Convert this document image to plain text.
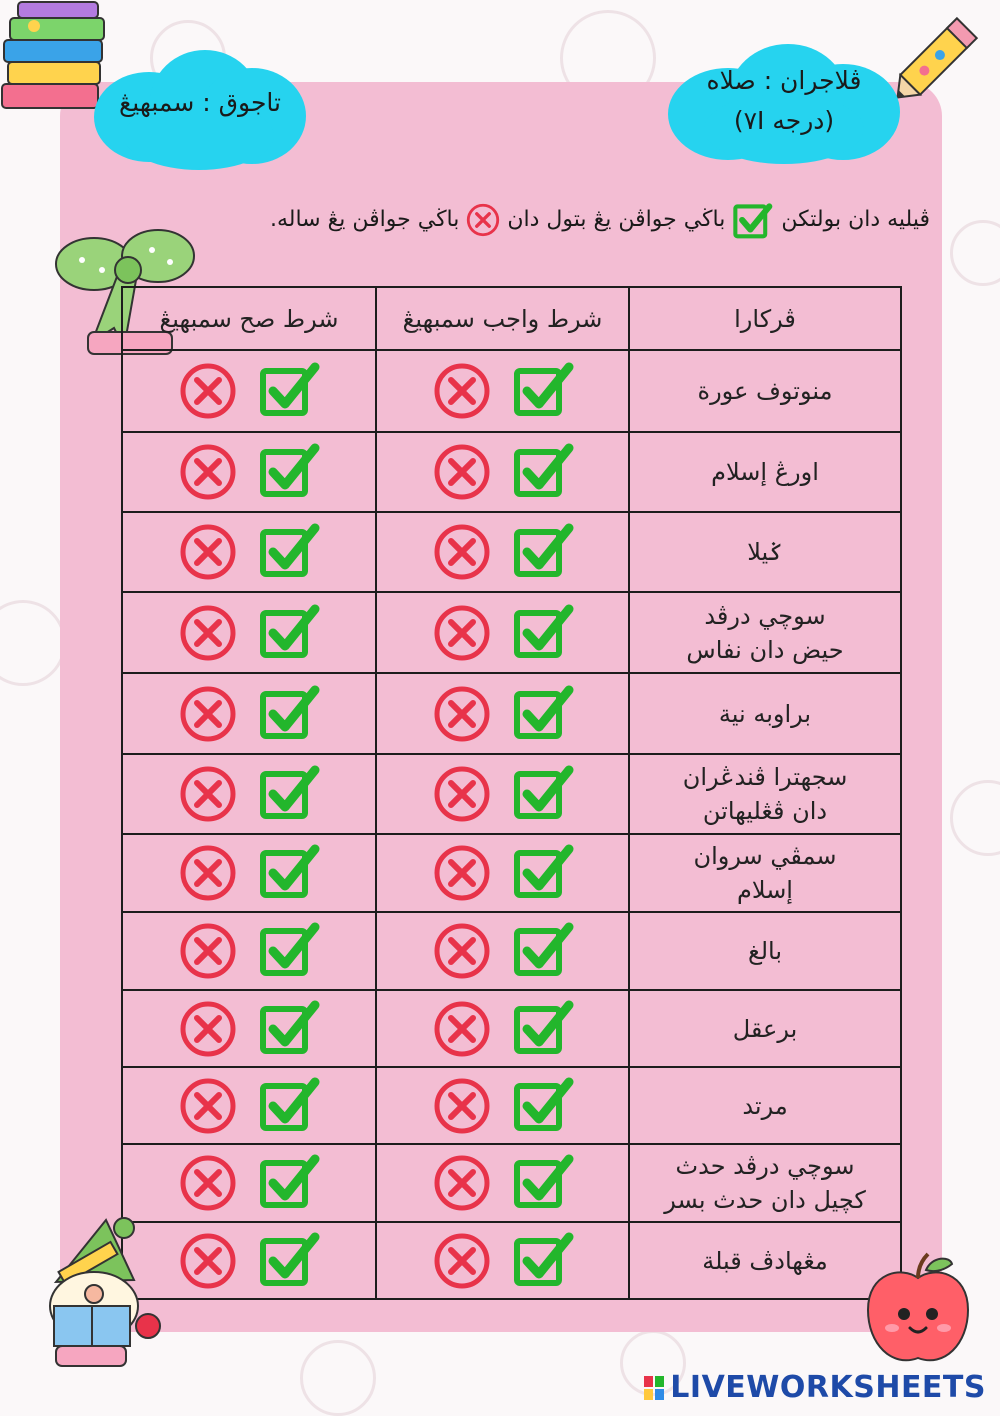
ڤلاجران : صلاه
(درجه ٧I)
تاجوق : سمبهيڠ
ڤيليه دان بولتكن  باڬي جواڤن يڠ بتول دان  باڬي جواڤن يڠ ساله.
ڤركارا	شرط واجب سمبهيڠ	شرط صح سمبهيڠ

منوتوف عورة

اورڠ إسلام

ݢيلا

سوچي درڤد
حيض دان نفاس

براوبه نية

سجهترا ڤندڠران
دان ڤڠليهاتن

سمڤي سروان
إسلام

بالغ

برعقل

مرتد

سوچي درڤد حدث
كچيل دان حدث بسر

مڠهادڤ قبلة

LIVEWORKSHEETS
